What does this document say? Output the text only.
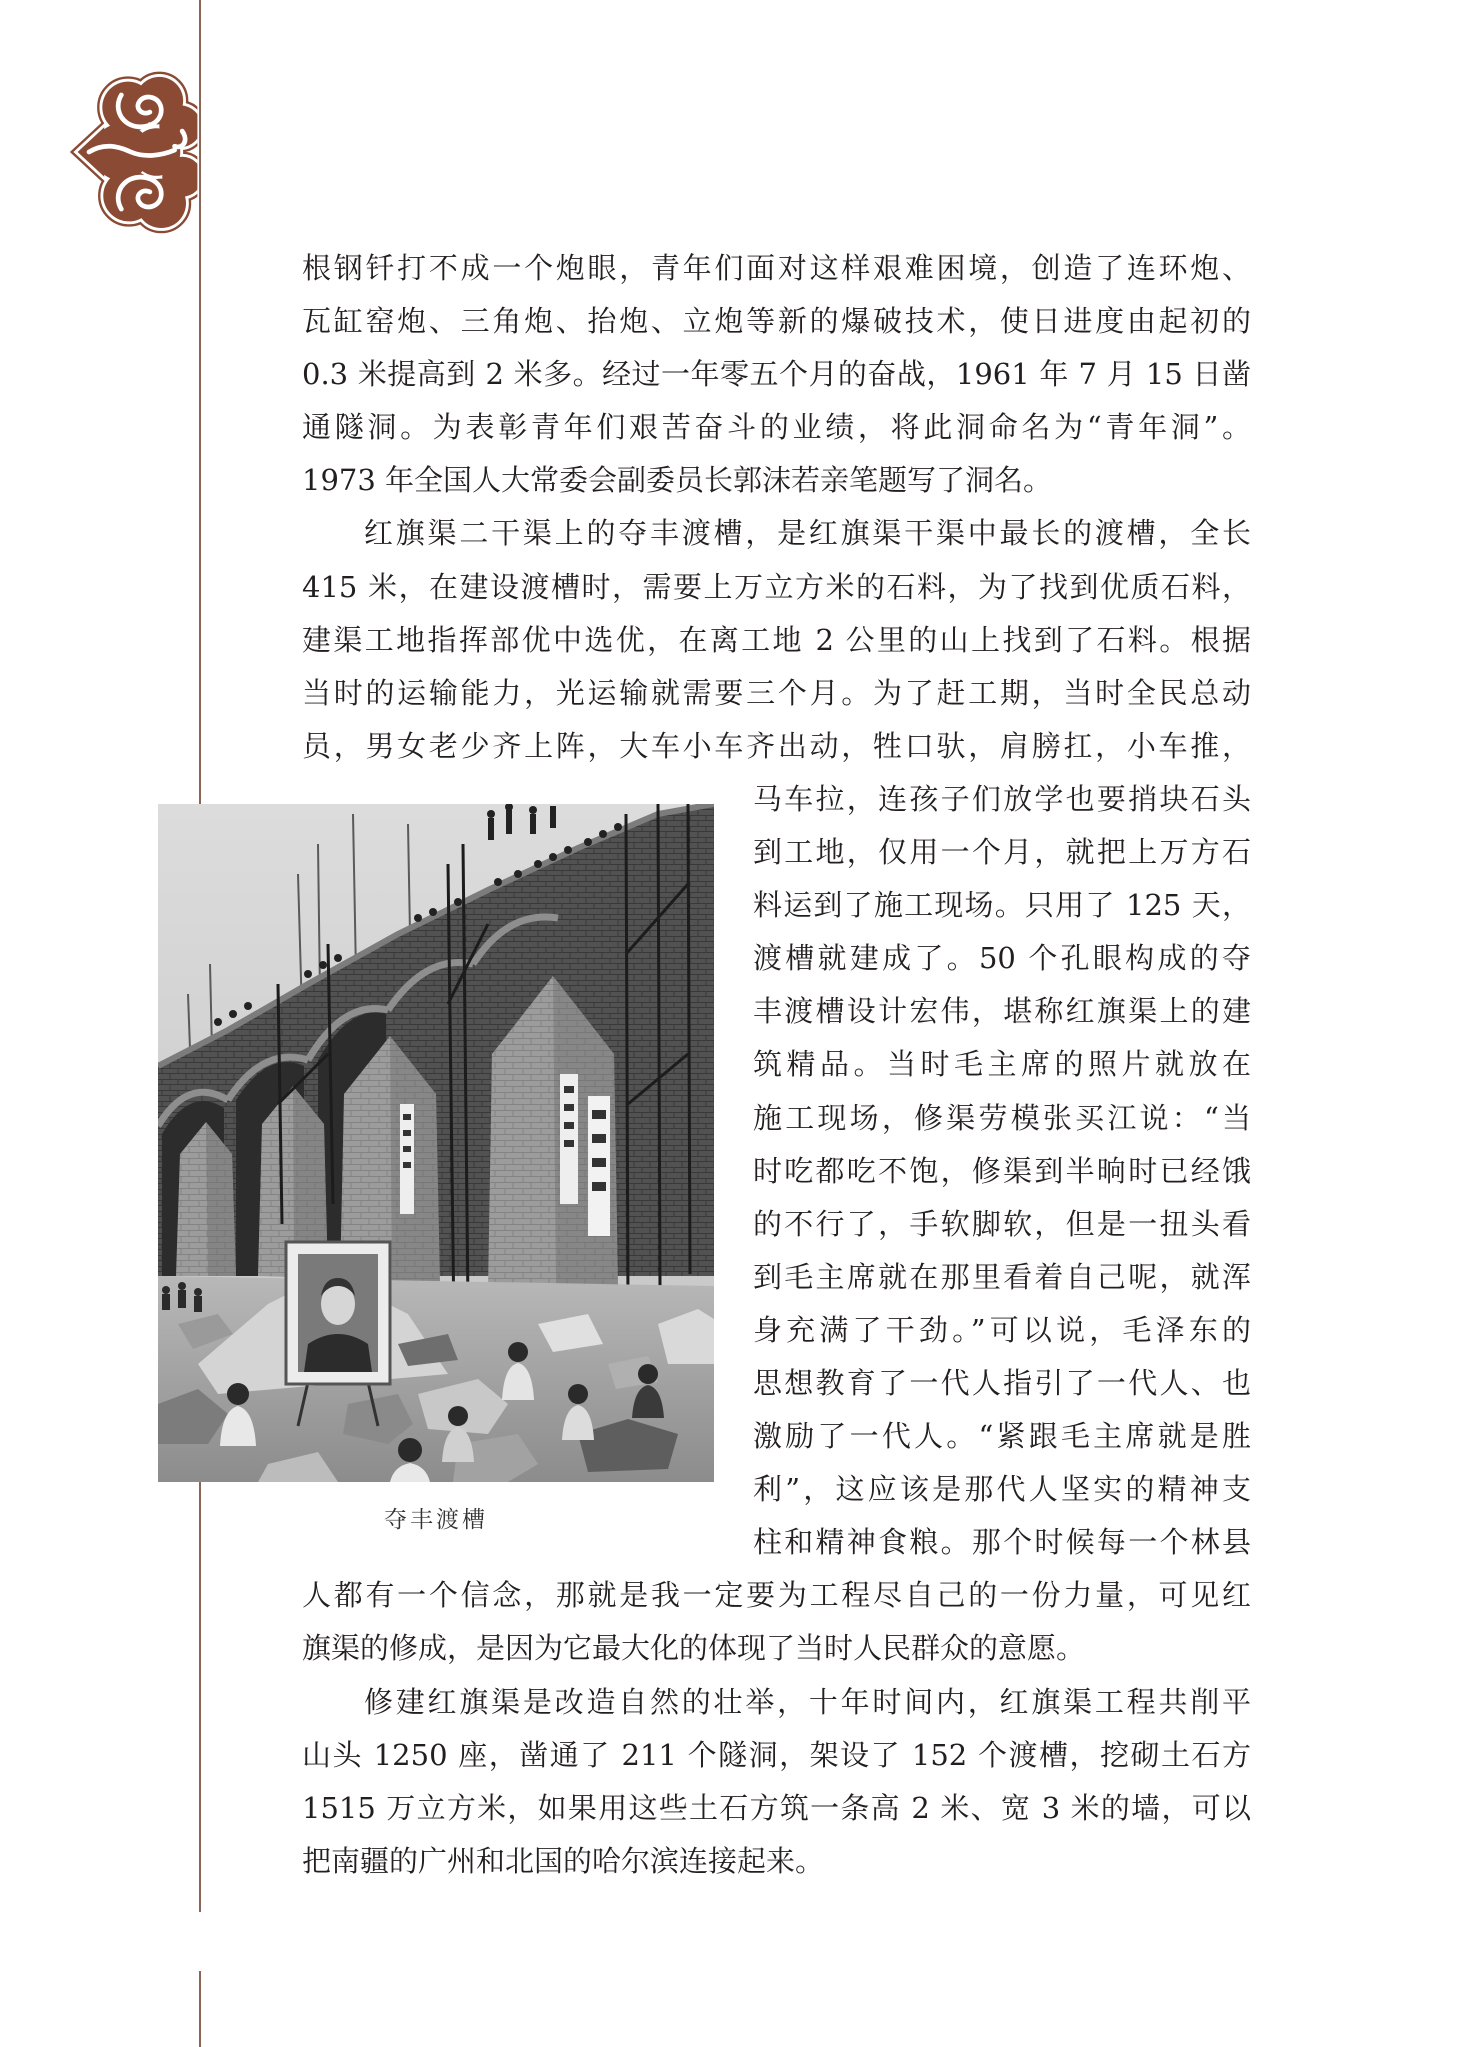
根钢钎打不成一个炮眼，青年们面对这样艰难困境，创造了连环炮、
瓦缸窑炮、三角炮、抬炮、立炮等新的爆破技术，使日进度由起初的
0.3 米提高到 2 米多。经过一年零五个月的奋战，1961 年 7 月 15 日凿
通隧洞。为表彰青年们艰苦奋斗的业绩，将此洞命名为“青年洞”。
1973 年全国人大常委会副委员长郭沫若亲笔题写了洞名。
红旗渠二干渠上的夺丰渡槽，是红旗渠干渠中最长的渡槽，全长
415 米，在建设渡槽时，需要上万立方米的石料，为了找到优质石料，
建渠工地指挥部优中选优，在离工地 2 公里的山上找到了石料。根据
当时的运输能力，光运输就需要三个月。为了赶工期，当时全民总动
员，男女老少齐上阵，大车小车齐出动，牲口驮，肩膀扛，小车推，
马车拉，连孩子们放学也要捎块石头
到工地，仅用一个月，就把上万方石
料运到了施工现场。只用了 125 天，
渡槽就建成了。50 个孔眼构成的夺
丰渡槽设计宏伟，堪称红旗渠上的建
筑精品。当时毛主席的照片就放在
施工现场，修渠劳模张买江说：“当
时吃都吃不饱，修渠到半晌时已经饿
的不行了，手软脚软，但是一扭头看
到毛主席就在那里看着自己呢，就浑
身充满了干劲。”可以说，毛泽东的
思想教育了一代人指引了一代人、也
激励了一代人。“紧跟毛主席就是胜
利”，这应该是那代人坚实的精神支
柱和精神食粮。那个时候每一个林县
人都有一个信念，那就是我一定要为工程尽自己的一份力量，可见红
旗渠的修成，是因为它最大化的体现了当时人民群众的意愿。
修建红旗渠是改造自然的壮举，十年时间内，红旗渠工程共削平
山头 1250 座，凿通了 211 个隧洞，架设了 152 个渡槽，挖砌土石方
1515 万立方米，如果用这些土石方筑一条高 2 米、宽 3 米的墙，可以
把南疆的广州和北国的哈尔滨连接起来。
夺丰渡槽
